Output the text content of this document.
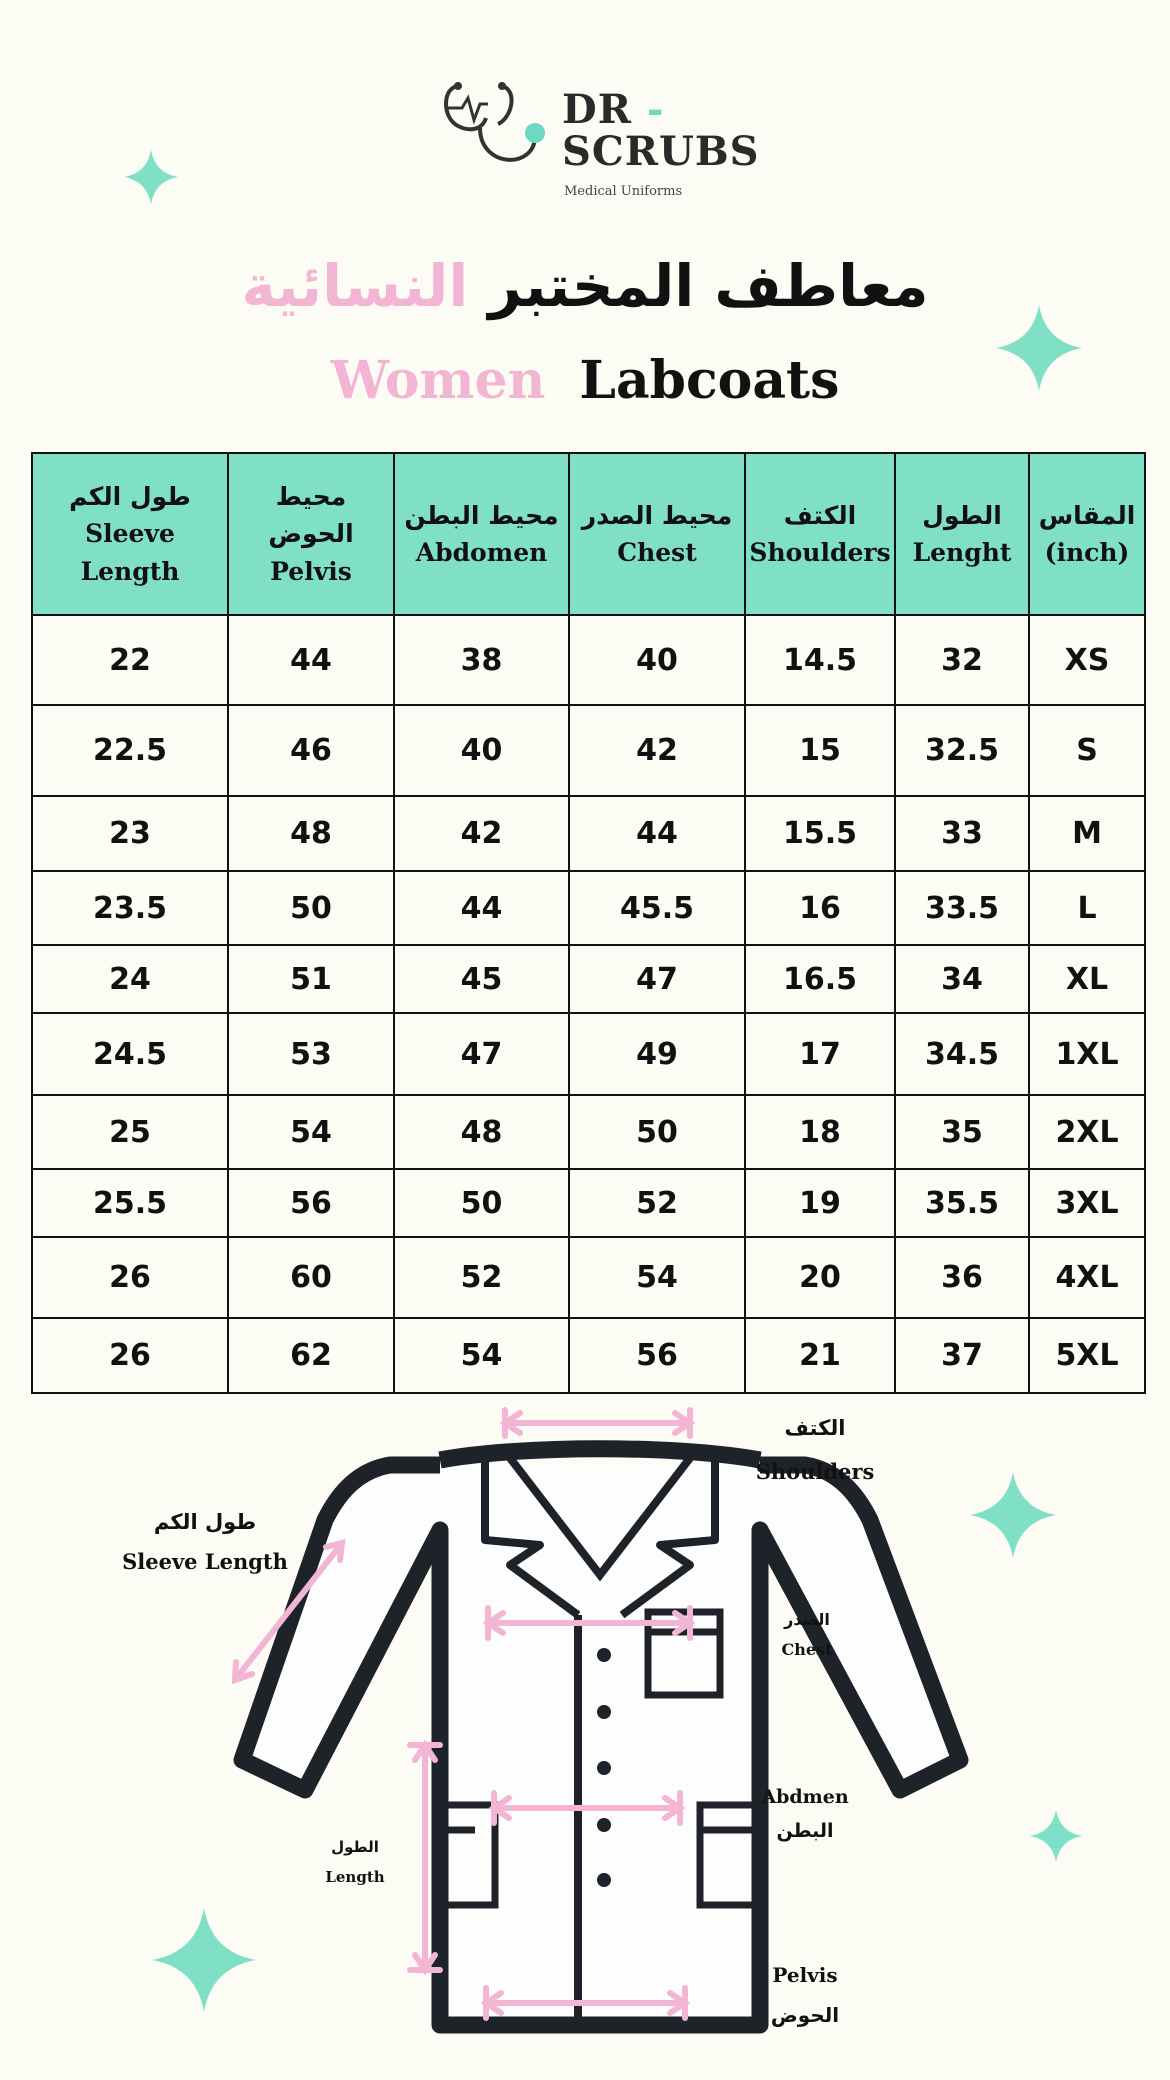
DR -
SCRUBS
Medical Uniforms
معاطف المختبر النسائية
Women Labcoats
طول الكم
Sleeve
Length	محيط الحوض
Pelvis	محيط البطن
Abdomen	محيط الصدر
Chest	الكتف
Shoulders	الطول
Lenght	المقاس
(inch)

22	44	38	40	14.5	32	XS
22.5	46	40	42	15	32.5	S
23	48	42	44	15.5	33	M
23.5	50	44	45.5	16	33.5	L
24	51	45	47	16.5	34	XL
24.5	53	47	49	17	34.5	1XL
25	54	48	50	18	35	2XL
25.5	56	50	52	19	35.5	3XL
26	60	52	54	20	36	4XL
26	62	54	56	21	37	5XL
الكتف
Shoulders
طول الكم
Sleeve Length
الصدر
Chest
Abdmen
البطن
الطول
Length
Pelvis
الحوض
